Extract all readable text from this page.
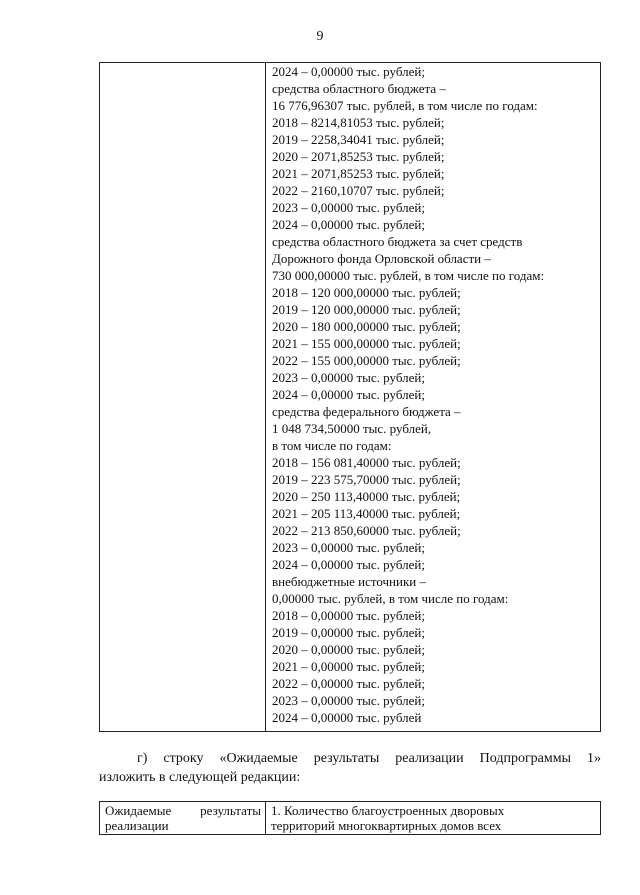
9
2024 – 0,00000 тыс. рублей;
средства областного бюджета –
16 776,96307 тыс. рублей, в том числе по годам:
2018 – 8214,81053 тыс. рублей;
2019 – 2258,34041 тыс. рублей;
2020 – 2071,85253 тыс. рублей;
2021 – 2071,85253 тыс. рублей;
2022 – 2160,10707 тыс. рублей;
2023 – 0,00000 тыс. рублей;
2024 – 0,00000 тыс. рублей;
средства областного бюджета за счет средств
Дорожного фонда Орловской области –
730 000,00000 тыс. рублей, в том числе по годам:
2018 – 120 000,00000 тыс. рублей;
2019 – 120 000,00000 тыс. рублей;
2020 – 180 000,00000 тыс. рублей;
2021 – 155 000,00000 тыс. рублей;
2022 – 155 000,00000 тыс. рублей;
2023 – 0,00000 тыс. рублей;
2024 – 0,00000 тыс. рублей;
средства федерального бюджета –
1 048 734,50000 тыс. рублей,
в том числе по годам:
2018 – 156 081,40000 тыс. рублей;
2019 – 223 575,70000 тыс. рублей;
2020 – 250 113,40000 тыс. рублей;
2021 – 205 113,40000 тыс. рублей;
2022 – 213 850,60000 тыс. рублей;
2023 – 0,00000 тыс. рублей;
2024 – 0,00000 тыс. рублей;
внебюджетные источники –
0,00000 тыс. рублей, в том числе по годам:
2018 – 0,00000 тыс. рублей;
2019 – 0,00000 тыс. рублей;
2020 – 0,00000 тыс. рублей;
2021 – 0,00000 тыс. рублей;
2022 – 0,00000 тыс. рублей;
2023 – 0,00000 тыс. рублей;
2024 – 0,00000 тыс. рублей
г) строку «Ожидаемые результаты реализации Подпрограммы 1»
изложить в следующей редакции:
Ожидаемые результаты
реализации
1. Количество благоустроенных дворовых
территорий многоквартирных домов всех
